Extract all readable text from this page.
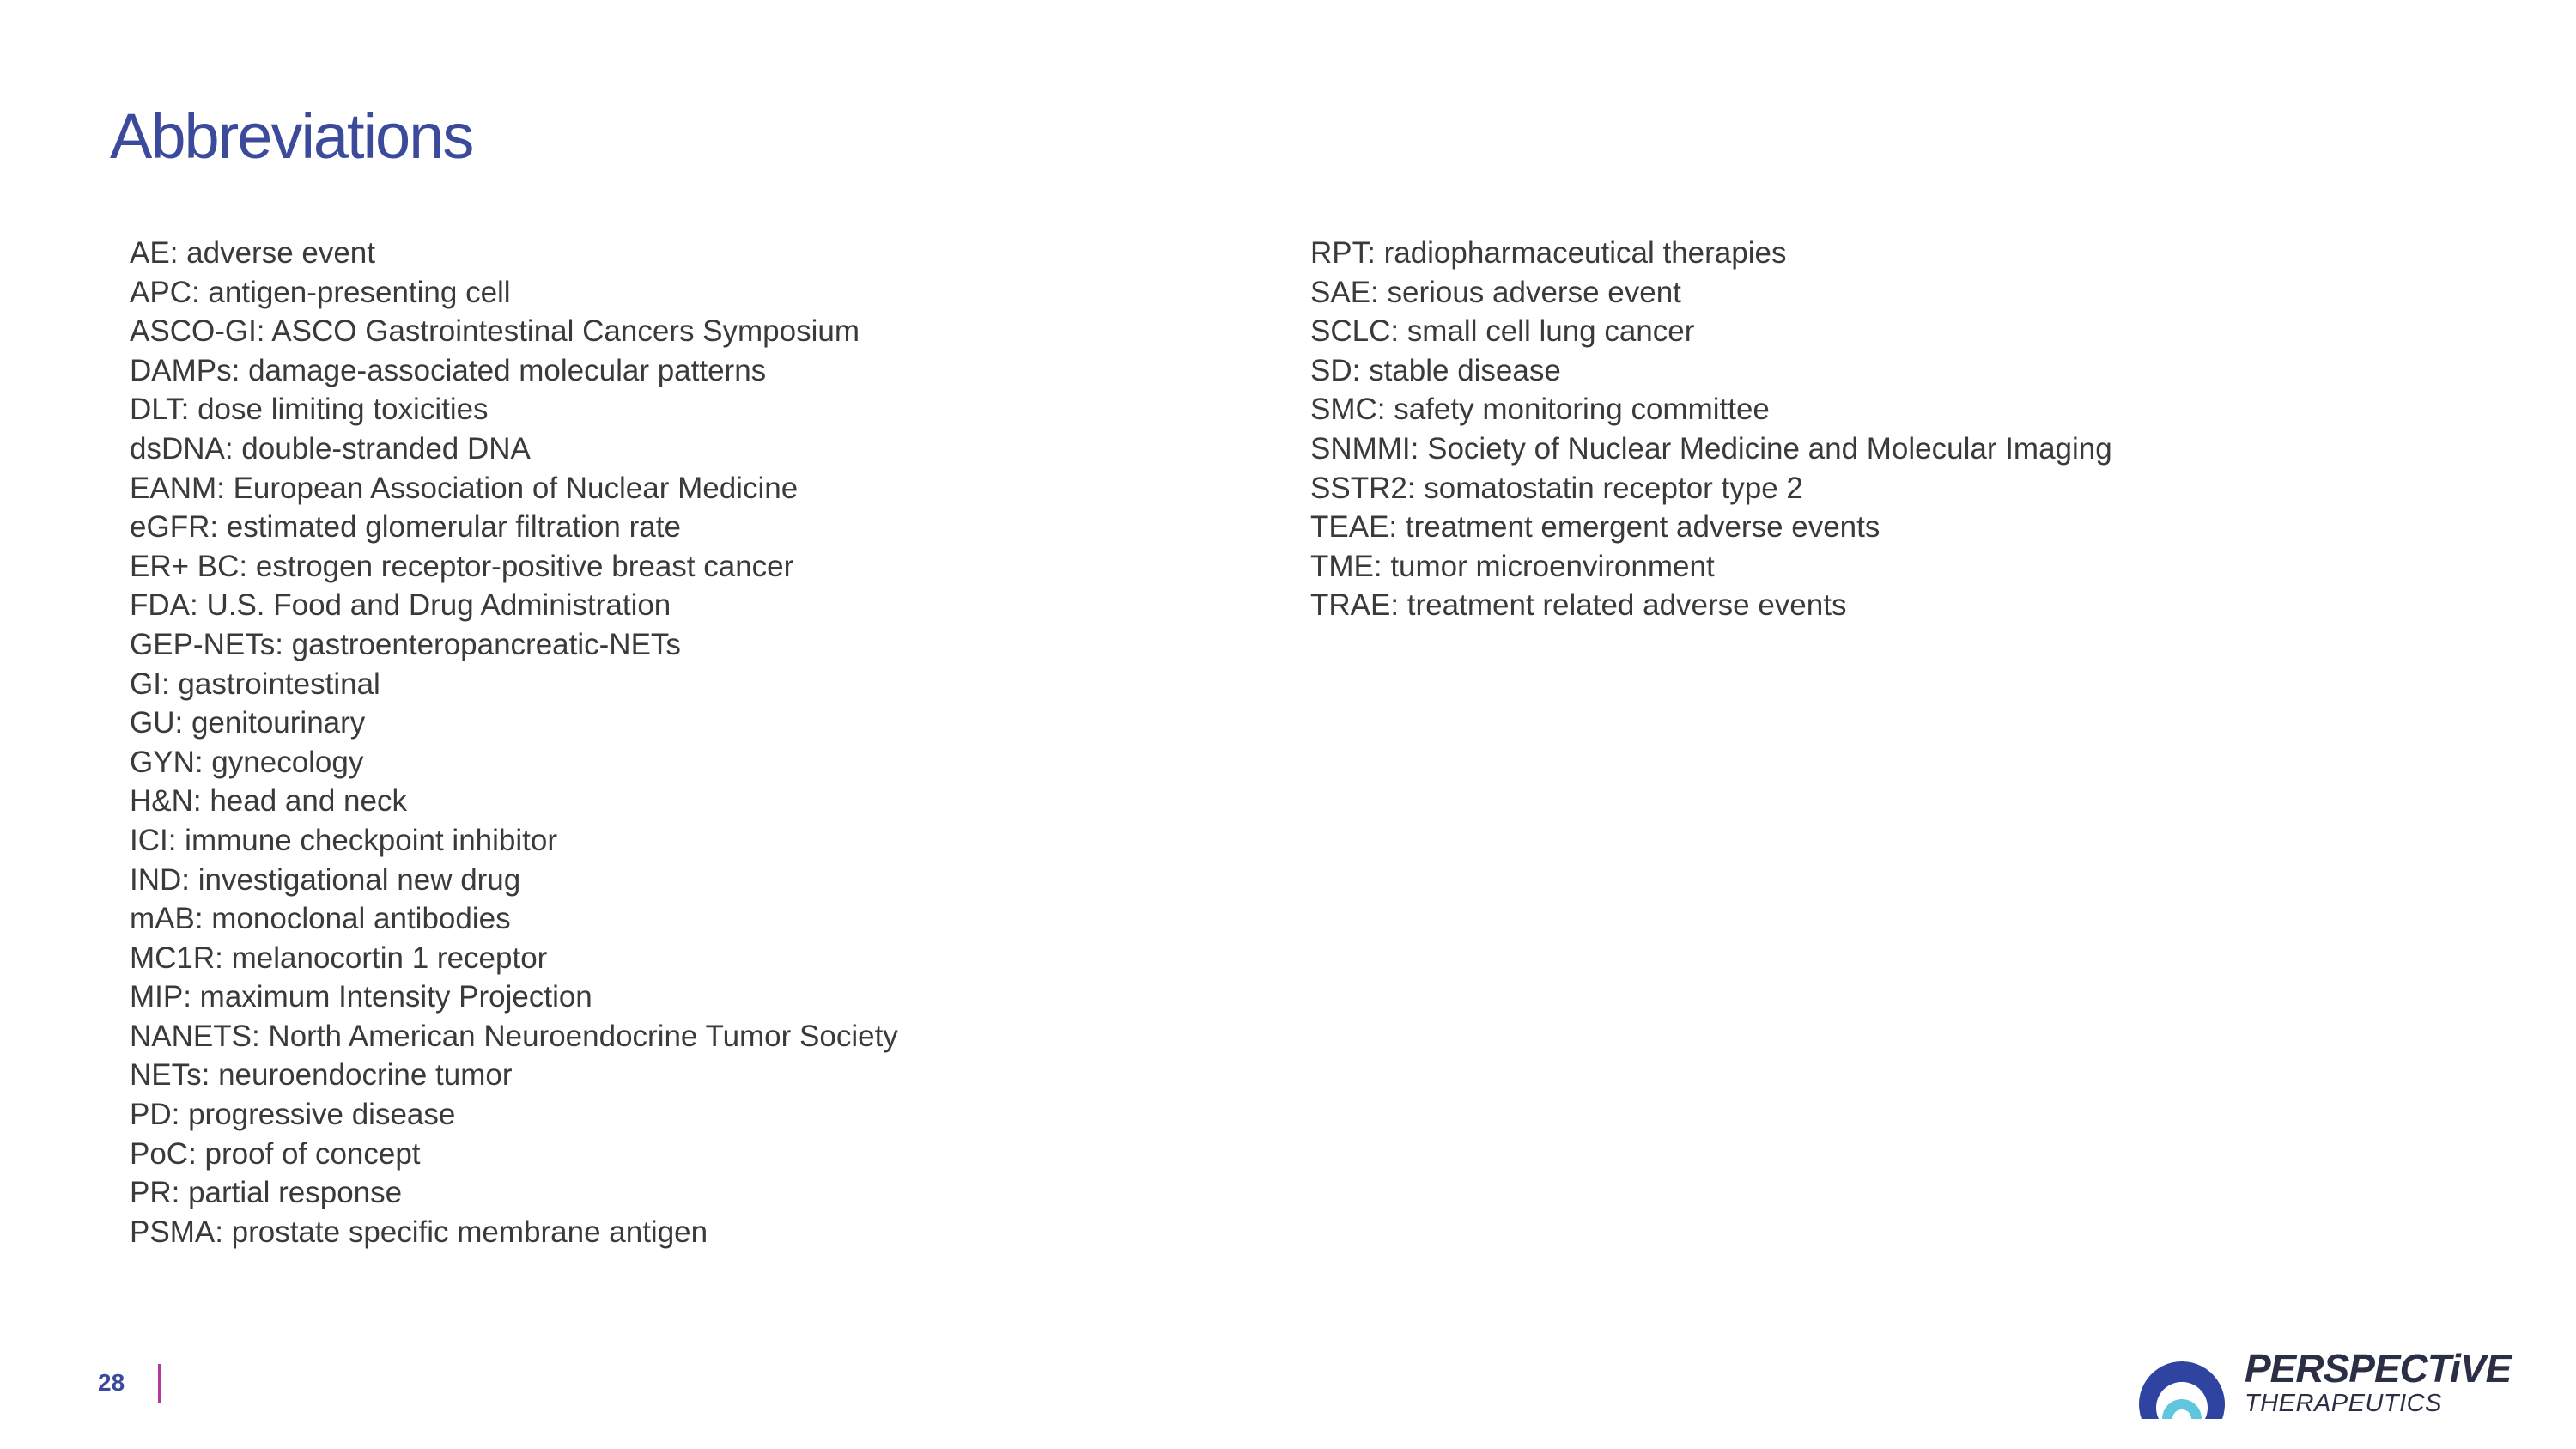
Abbreviations
AE: adverse event
APC: antigen-presenting cell
ASCO-GI: ASCO Gastrointestinal Cancers Symposium
DAMPs: damage-associated molecular patterns
DLT: dose limiting toxicities
dsDNA: double-stranded DNA
EANM: European Association of Nuclear Medicine
eGFR: estimated glomerular filtration rate
ER+ BC: estrogen receptor-positive breast cancer
FDA: U.S. Food and Drug Administration
GEP-NETs: gastroenteropancreatic-NETs
GI: gastrointestinal
GU: genitourinary
GYN: gynecology
H&N: head and neck
ICI: immune checkpoint inhibitor
IND: investigational new drug
mAB: monoclonal antibodies
MC1R: melanocortin 1 receptor
MIP: maximum Intensity Projection
NANETS: North American Neuroendocrine Tumor Society
NETs: neuroendocrine tumor
PD: progressive disease
PoC: proof of concept
PR: partial response
PSMA: prostate specific membrane antigen
RPT: radiopharmaceutical therapies
SAE: serious adverse event
SCLC: small cell lung cancer
SD: stable disease
SMC: safety monitoring committee
SNMMI: Society of Nuclear Medicine and Molecular Imaging
SSTR2: somatostatin receptor type 2
TEAE: treatment emergent adverse events
TME: tumor microenvironment
TRAE: treatment related adverse events
28	PERSPECTiVE
THERAPEUTICS
